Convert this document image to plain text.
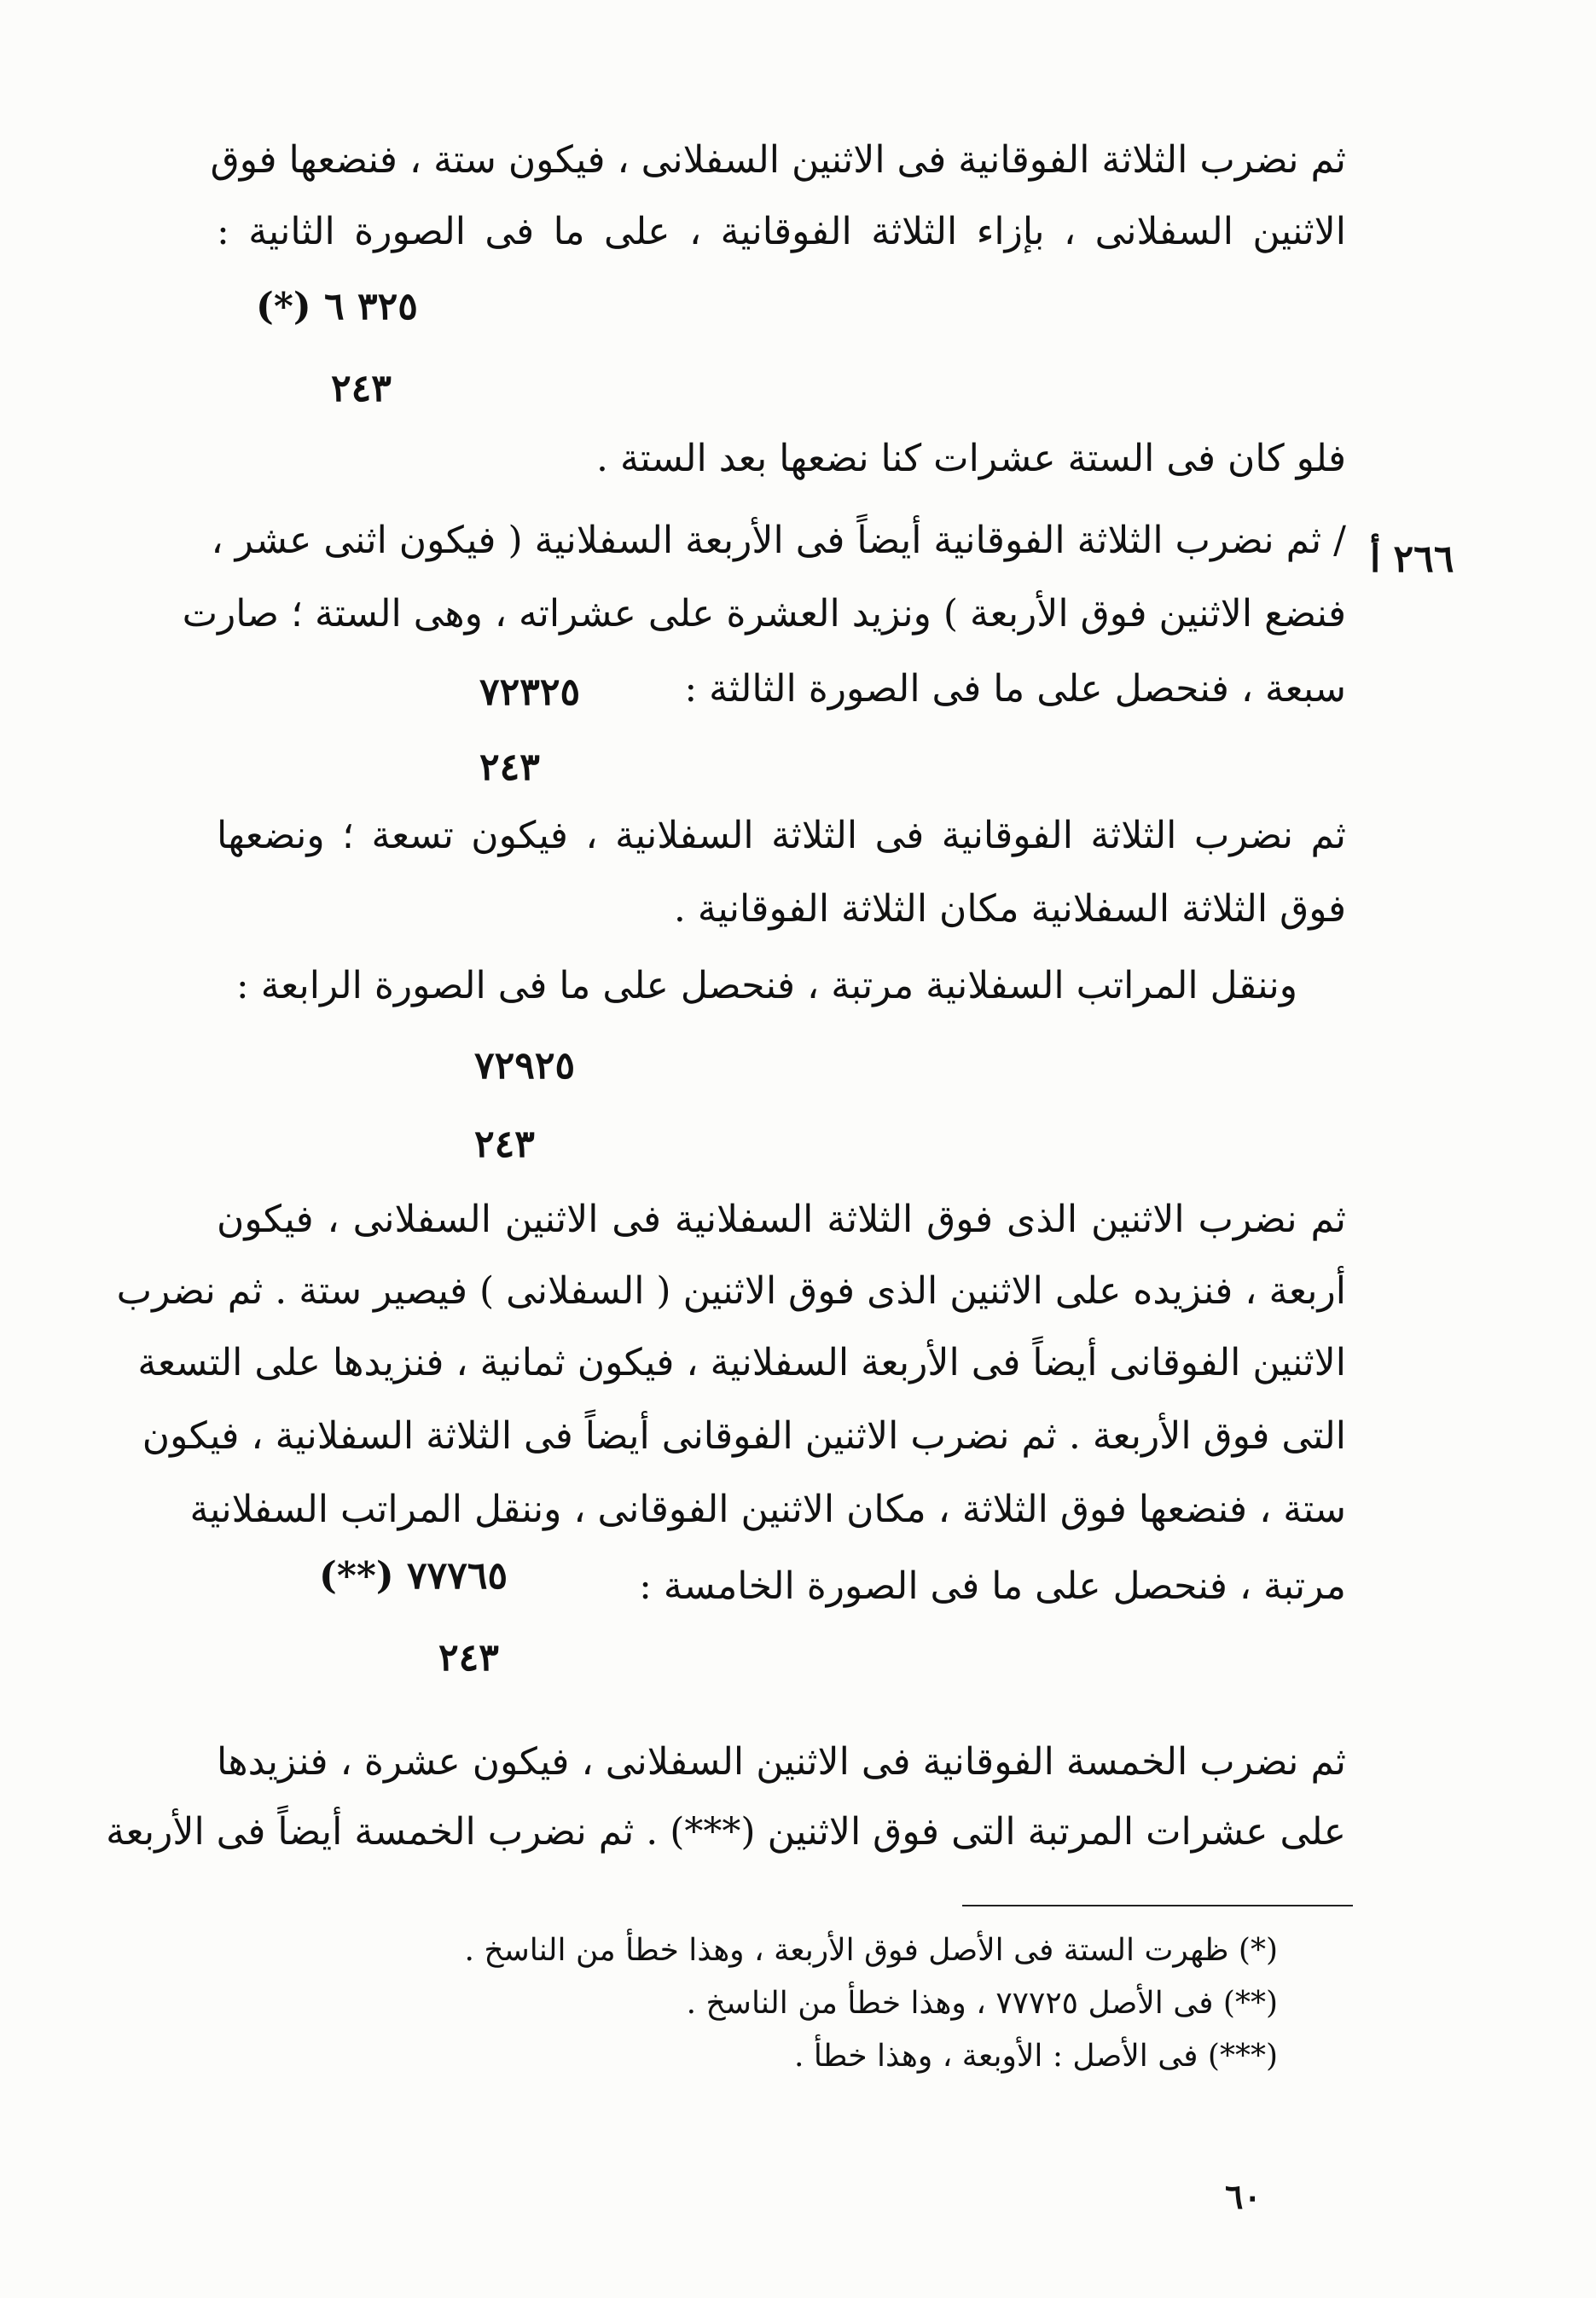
٢٦٦ أ
ثم نضرب الثلاثة الفوقانية فى الاثنين السفلانى ، فيكون ستة ، فنضعها فوق
الاثنين السفلانى ، بإزاء الثلاثة الفوقانية ، على ما فى الصورة الثانية :
٣٢٥ ٦ (*)
٢٤٣
فلو كان فى الستة عشرات كنا نضعها بعد الستة .
/ ثم نضرب الثلاثة الفوقانية أيضاً فى الأربعة السفلانية ( فيكون اثنى عشر ،
فنضع الاثنين فوق الأربعة ) ونزيد العشرة على عشراته ، وهى الستة ؛ صارت
سبعة ، فنحصل على ما فى الصورة الثالثة :
٧٢٣٢٥
٢٤٣
ثم نضرب الثلاثة الفوقانية فى الثلاثة السفلانية ، فيكون تسعة ؛ ونضعها
فوق الثلاثة السفلانية مكان الثلاثة الفوقانية .
وننقل المراتب السفلانية مرتبة ، فنحصل على ما فى الصورة الرابعة :
٧٢٩٢٥
٢٤٣
ثم نضرب الاثنين الذى فوق الثلاثة السفلانية فى الاثنين السفلانى ، فيكون
أربعة ، فنزيده على الاثنين الذى فوق الاثنين ( السفلانى ) فيصير ستة . ثم نضرب
الاثنين الفوقانى أيضاً فى الأربعة السفلانية ، فيكون ثمانية ، فنزيدها على التسعة
التى فوق الأربعة . ثم نضرب الاثنين الفوقانى أيضاً فى الثلاثة السفلانية ، فيكون
ستة ، فنضعها فوق الثلاثة ، مكان الاثنين الفوقانى ، وننقل المراتب السفلانية
مرتبة ، فنحصل على ما فى الصورة الخامسة :
٧٧٧٦٥ (**)
٢٤٣
ثم نضرب الخمسة الفوقانية فى الاثنين السفلانى ، فيكون عشرة ، فنزيدها
على عشرات المرتبة التى فوق الاثنين (***) . ثم نضرب الخمسة أيضاً فى الأربعة
(*) ظهرت الستة فى الأصل فوق الأربعة ، وهذا خطأ من الناسخ .
(**) فى الأصل ٧٧٧٢٥ ، وهذا خطأ من الناسخ .
(***) فى الأصل : الأوبعة ، وهذا خطأ .
٦٠
